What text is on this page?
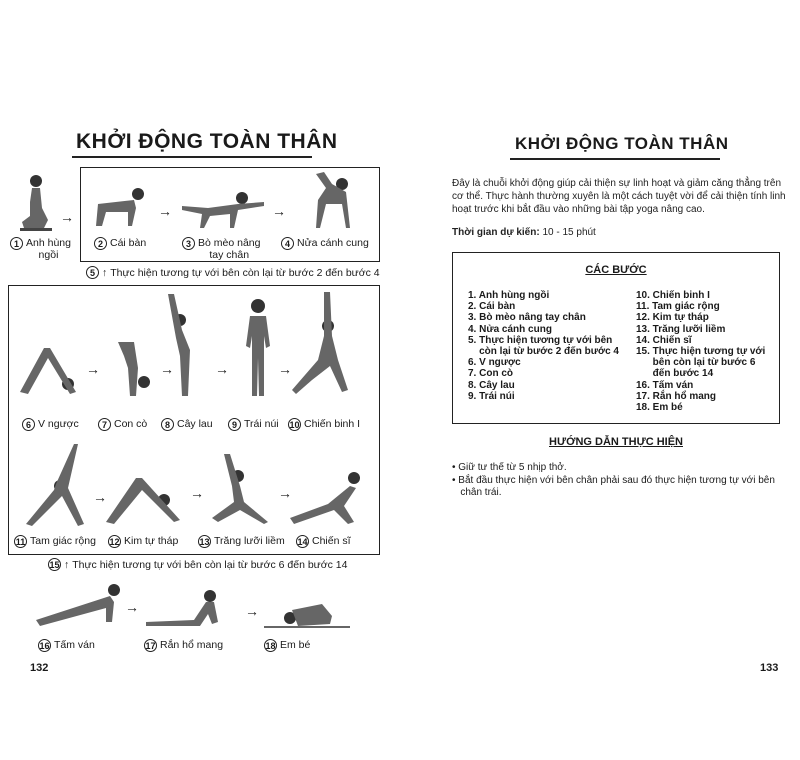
KHỞI ĐỘNG TOÀN THÂN
→	→	→
→	→	→	→
→	→	→
→	→
1 Anh hùng
ngồi
2 Cái bàn	3 Bò mèo nâng
tay chân
4 Nửa cánh cung
5 ↑ Thực hiện tương tự với bên còn lại từ bước 2 đến bước 4
6 V ngược	7 Con cò	8 Cây lau	9 Trái núi 10 Chiến binh I
11 Tam giác rộng 12 Kim tự tháp 13 Trăng lưỡi liềm 14 Chiến sĩ
15 ↑ Thực hiện tương tự với bên còn lại từ bước 6 đến bước 14
16 Tấm ván	17 Rắn hổ mang	18 Em bé
132
KHỞI ĐỘNG TOÀN THÂN
Đây là chuỗi khởi động giúp cải thiện sự linh hoạt và giảm căng thẳng trên
cơ thể. Thực hành thường xuyên là một cách tuyệt vời để cải thiện tính linh
hoạt trước khi bắt đầu vào những bài tập yoga nâng cao.
Thời gian dự kiến: 10 - 15 phút
CÁC BƯỚC
1. Anh hùng ngồi
2. Cái bàn
3. Bò mèo nâng tay chân
4. Nửa cánh cung
5. Thực hiện tương tự với bên
còn lại từ bước 2 đến bước 4
6. V ngược
7. Con cò
8. Cây lau
9. Trái núi
10. Chiến binh I
11. Tam giác rộng
12. Kim tự tháp
13. Trăng lưỡi liềm
14. Chiến sĩ
15. Thực hiện tương tự với
bên còn lại từ bước 6
đến bước 14
16. Tấm ván
17. Rắn hổ mang
18. Em bé
HƯỚNG DẪN THỰC HIỆN
• Giữ tư thế từ 5 nhịp thở.
• Bắt đầu thực hiện với bên chân phải sau đó thực hiện tương tự với bên
chân trái.
133
